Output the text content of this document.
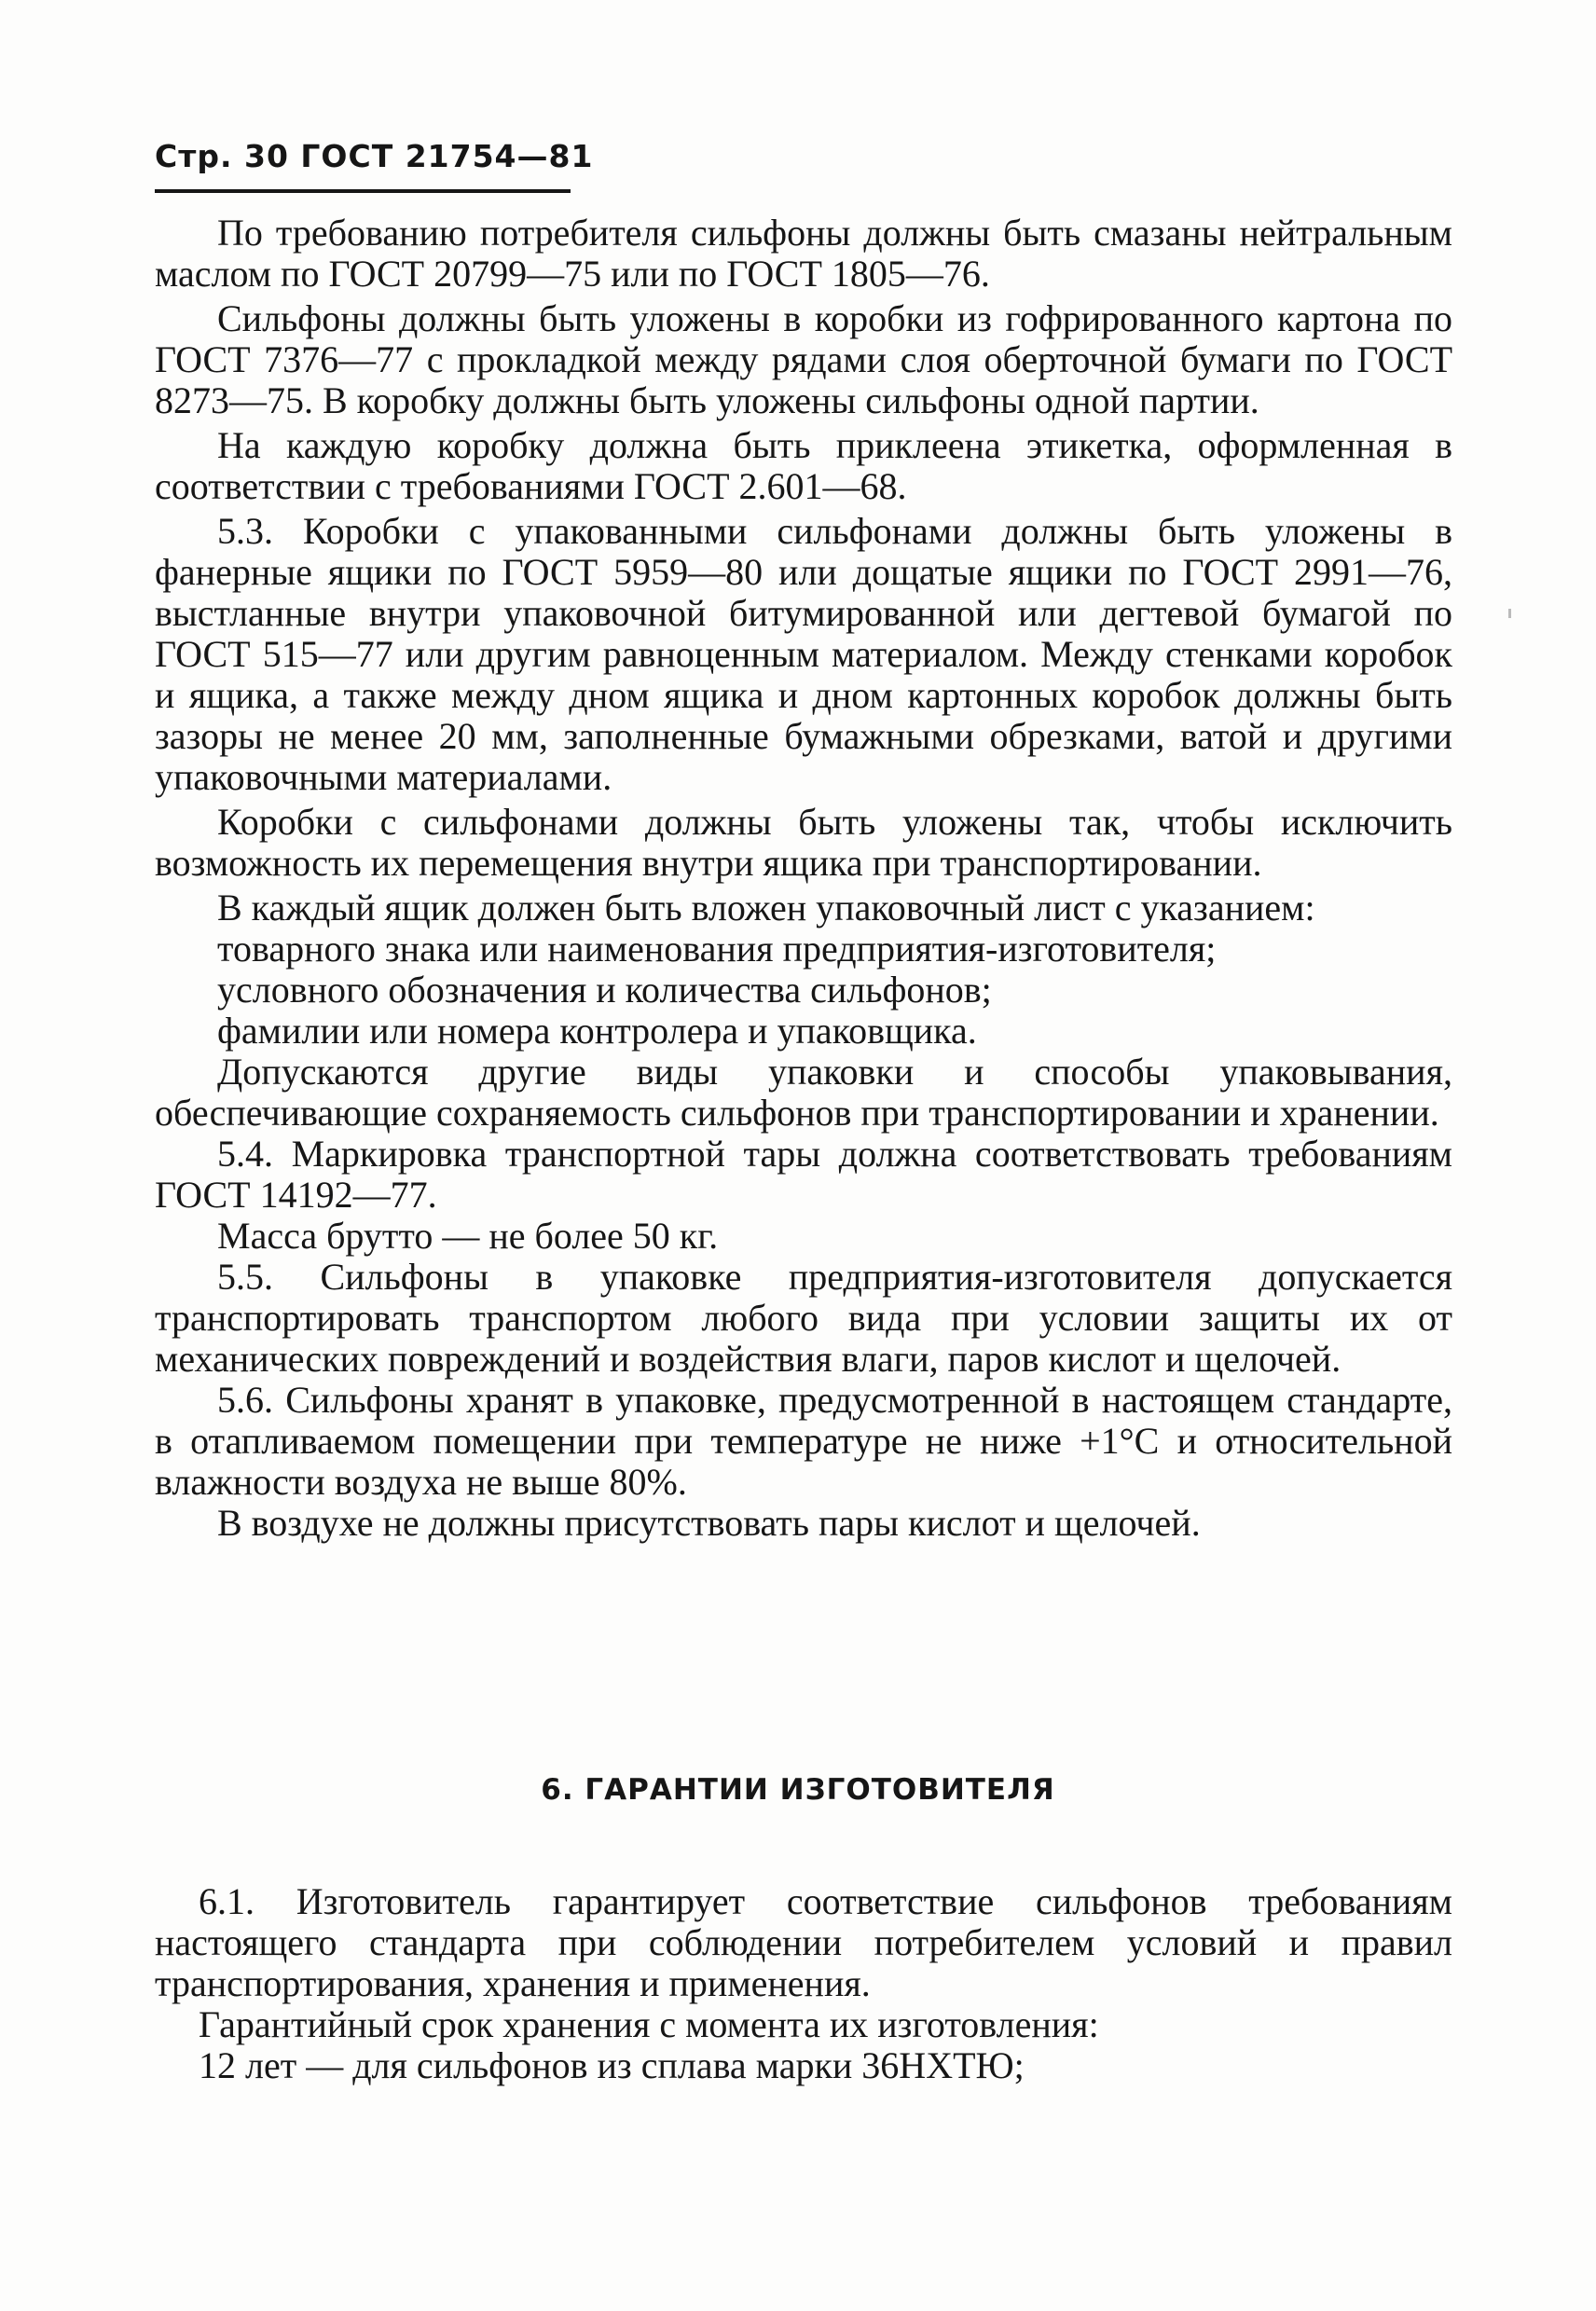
Стр. 30 ГОСТ 21754—81

По требованию потребителя сильфоны должны быть смазаны нейтральным маслом по ГОСТ 20799—75 или по ГОСТ 1805—76.

Сильфоны должны быть уложены в коробки из гофрированного картона по ГОСТ 7376—77 с прокладкой между рядами слоя оберточной бумаги по ГОСТ 8273—75. В коробку должны быть уложены сильфоны одной партии.

На каждую коробку должна быть приклеена этикетка, оформленная в соответствии с требованиями ГОСТ 2.601—68.

5.3. Коробки с упакованными сильфонами должны быть уложены в фанерные ящики по ГОСТ 5959—80 или дощатые ящики по ГОСТ 2991—76, выстланные внутри упаковочной битумированной или дегтевой бумагой по ГОСТ 515—77 или другим равноценным материалом. Между стенками коробок и ящика, а также между дном ящика и дном картонных коробок должны быть зазоры не менее 20 мм, заполненные бумажными обрезками, ватой и другими упаковочными материалами.

Коробки с сильфонами должны быть уложены так, чтобы исключить возможность их перемещения внутри ящика при транспортировании.

В каждый ящик должен быть вложен упаковочный лист с указанием:

товарного знака или наименования предприятия-изготовителя;

условного обозначения и количества сильфонов;

фамилии или номера контролера и упаковщика.

Допускаются другие виды упаковки и способы упаковывания, обеспечивающие сохраняемость сильфонов при транспортировании и хранении.

5.4. Маркировка транспортной тары должна соответствовать требованиям ГОСТ 14192—77.

Масса брутто — не более 50 кг.

5.5. Сильфоны в упаковке предприятия-изготовителя допускается транспортировать транспортом любого вида при условии защиты их от механических повреждений и воздействия влаги, паров кислот и щелочей.

5.6. Сильфоны хранят в упаковке, предусмотренной в настоящем стандарте, в отапливаемом помещении при температуре не ниже +1°С и относительной влажности воздуха не выше 80%.

В воздухе не должны присутствовать пары кислот и щелочей.

6. ГАРАНТИИ ИЗГОТОВИТЕЛЯ

6.1. Изготовитель гарантирует соответствие сильфонов требованиям настоящего стандарта при соблюдении потребителем условий и правил транспортирования, хранения и применения.

Гарантийный срок хранения с момента их изготовления:

12 лет — для сильфонов из сплава марки 36НХТЮ;
